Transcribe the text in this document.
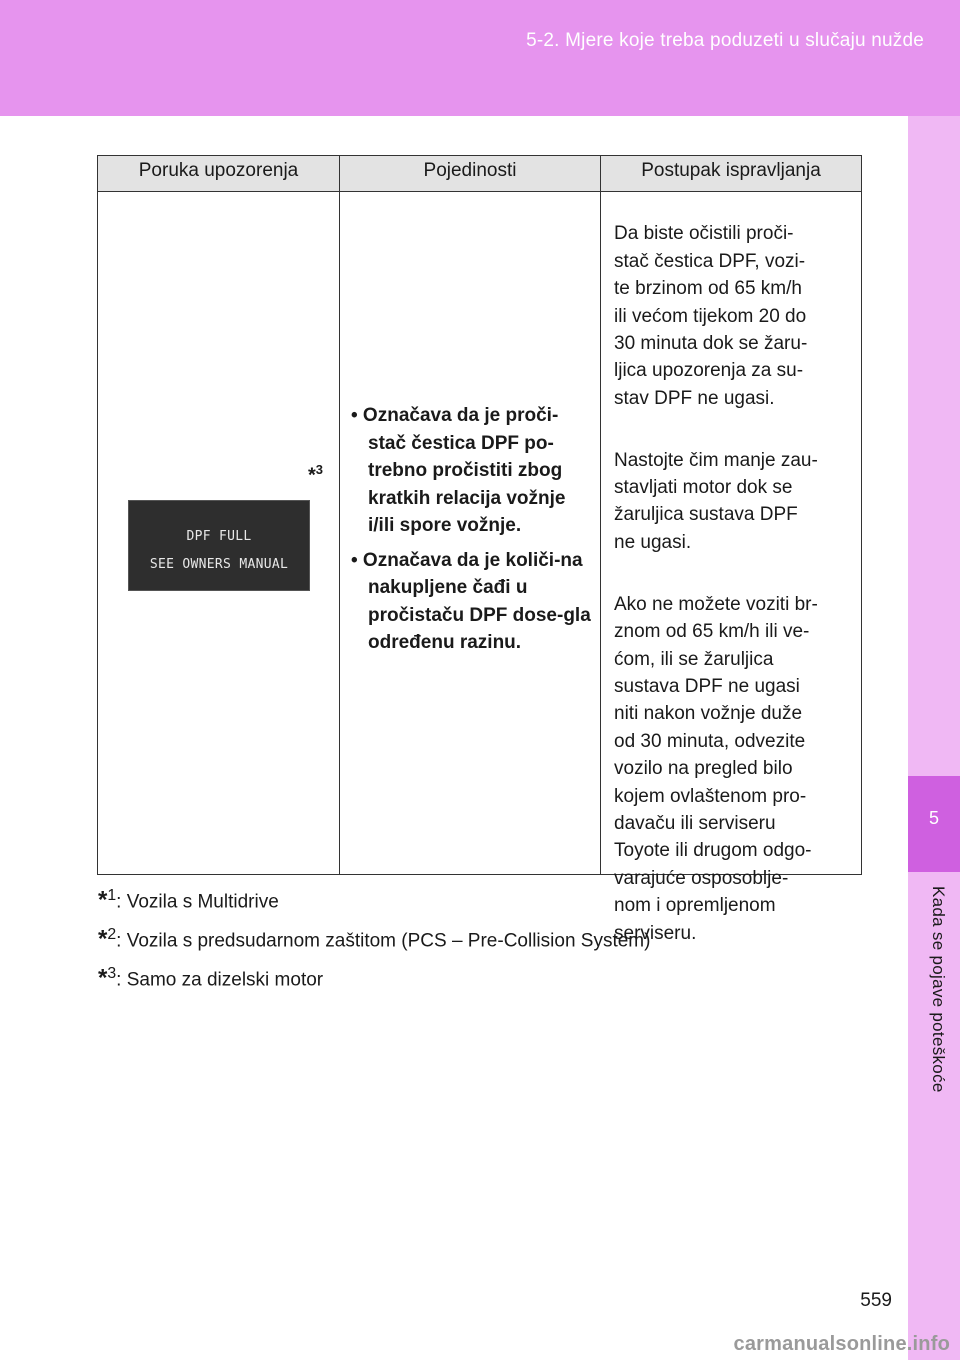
5-2. Mjere koje treba poduzeti u slučaju nužde
5
Kada se pojave poteškoće
Poruka upozorenja	Pojedinosti	Postupak ispravljanja
*$^3$
DPF FULL
SEE OWNERS MANUAL

• Označava da je proči-
stač čestica DPF po-
trebno pročistiti zbog
kratkih relacija vožnje
i/ili spore vožnje.

• Označava da je količi-na nakupljene čađi u pročistaču DPF dose-gla određenu razinu.

Da biste očistili proči-
stač čestica DPF, vozi-
te brzinom od 65 km/h
ili većom tijekom 20 do
30 minuta dok se žaru-
ljica upozorenja za su-
stav DPF ne ugasi.

Nastojte čim manje zau-
stavljati motor dok se
žaruljica sustava DPF
ne ugasi.

Ako ne možete voziti br-
znom od 65 km/h ili ve-
ćom, ili se žaruljica
sustava DPF ne ugasi
niti nakon vožnje duže
od 30 minuta, odvezite
vozilo na pregled bilo
kojem ovlaštenom pro-
davaču ili serviseru
Toyote ili drugom odgo-
varajuće osposoblje-
nom i opremljenom
serviseru.

*$^1$: Vozila s Multidrive
*$^2$: Vozila s predsudarnom zaštitom (PCS – Pre-Collision System)
*$^3$: Samo za dizelski motor
559
carmanualsonline.info
